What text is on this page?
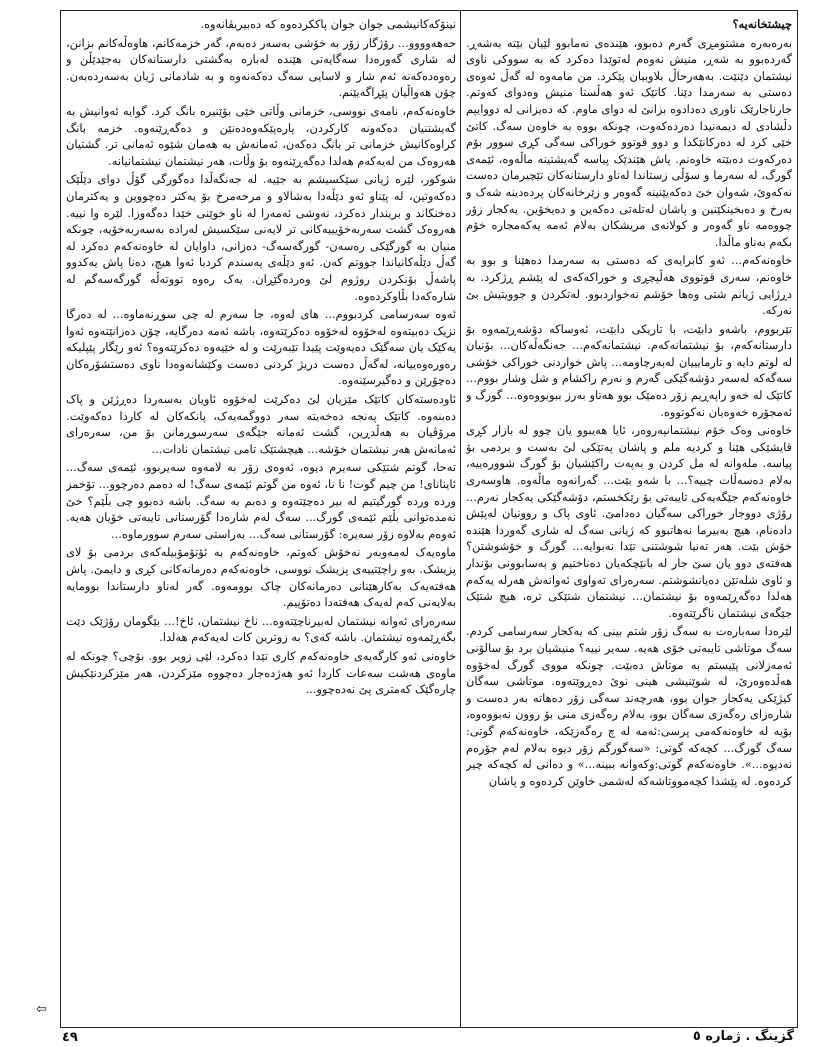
چیشتخانەیە؟

بەرەبەرە مشتومڕی گەرم دەبوو، هێندەی نەمابوو لێیان بێتە بەشەڕ. گەردەبوو بە شەڕ، منیش نەوەم لەتوێدا دەکرد کە بە سووکی ناوی نیشتمان دێنێت. بەهەرحاڵ بلاوبیان پێکرد. من مامەوە لە گەڵ ئەوەی دەستی بە سەرمدا دێنا. کاتێک ئەو هەڵستا منیش وەدوای کەوتم. جارناجارێک ناوری دەدادوە بزانێ لە دوای ماوم. کە دەیزانی لە دووایپم دڵشادی لە دیمەنیدا دەردەکەوت، چونکە بووە بە خاوەن سەگ. کاتێ خێی کرد لە دەرکانێکدا و دوو قوتوو خوراکی سەگی کڕی سوور بۆم دەرکەوت دەبێتە خاوەنم. پاش هێندێک پیاسە گەیشتینە ماڵەوە، ئێمەی گورگ، لە سەرما و سۆڵی زستاندا لەناو دارستانەکان تێچیرمان دەست نەکەوێ، شەوان خێ دەکەیێنینە گەوەر و زێرخانەکان پردەدینە شەک و بەرخ و دەبخینکێنین و پاشان لەتلەتی دەکەین و دەیخۆین. یەکجار زۆر چووەمە ناو گەوەر و کولانەی مریشکان بەلام ئەمە یەکەمجارە خۆم بکەم بەناو ماڵدا.

خاوەنەکەم... ئەو کابرایەی کە دەستی بە سەرمدا دەهێنا و بوو بە خاوەنم، سەری قوتووی هەڵپچڕی و خوراکەکەی لە پێشم ڕژکرد. بە دڕژایی ژیانم شتی وەها خۆشم نەخواردبوو. لەتکردن و جوویتیش بێ نەرکە.

تێربووم، باشەو دابێت، با تاریکی دابێت، ئەوساکە دۆشەڕێمەوە بۆ دارستانەکەم، بۆ نیشتمانەکەم. نیشتمانەکەم... جەنگەڵەکان... بۆنیان لە لوتم دایە و تارمایییان لەبەرچاومە... پاش خواردنی خوراکی خۆشی سەگەکە لەسەر دۆشەگێکی گەرم و نەرم راکشام و شل وشار بووم... کاتێک لە خەو راپەڕیم زۆر دەمێک بوو هەتاو بەرز ببوبووەوە... گورگ و ئەمجۆرە خەوەیان نەکوتووە.

خاوەنی وەک خۆم نیشتمانپەروەر، ئایا هەیبوو یان چوو لە بازار کڕی قایشێکی هێنا و کردیە ملم و پاشان پەتێکی لێ بەست و بردمی بۆ پیاسە. ملەوانە لە مل کردن و بەپەت راکێشیان بۆ گورگ شوورەییە، بەلام دەسەڵات چییە؟... با شەو بێت... گەرانەوە ماڵەوە. هاوسەری خاوەنەکەم جێگەیەکی تایبەتی بۆ رێکخستم، دۆشەگێکی یەکجار نەرم... رۆژی دووجار خوراکی سەگیان دەدامێ. ئاوی پاک و روونیان لەپێش دادەنام، هیچ بەبیرما نەهاتبوو کە ژیانی سەگ لە شاری گەوردا هێندە خۆش بێت. هەر تەنیا شوشتنی تێدا نەبوایە... گورگ و خۆشوشتن؟ هەفتەی دوو یان سێ جار لە بانێچکەیان دەناختیم و بەسابوونی بۆندار و ئاوی شلەتێن دەیانشوشتم. سەرەرای تەواوی ئەوانەش هەرلە یەکەم هەلدا دەگەڕێمەوە بۆ نیشتمان... نیشتمان شتێکی ترە، هیچ شتێک جێگەی نیشتمان ناگرێتەوە.

لێرەدا سەبارەت بە سەگ زۆر شتم بینی کە یەکجار سەرسامی کردم. سەگ موتاشی تایبەتی خۆی هەیە. سەیر نییە؟ منیشیان برد بۆ سالۆنی ئەمەزلانی پێیستم بە موتاش دەبێت. چونکە مووی گورگ لەخۆوە هەڵدەوەرێ، لە شوێنیشی هینی نوێ دەڕوێتەوە. موتاشی سەگان کیژێکی یەکجار جوان بوو، هەرچەند سەگی زۆر دەهاتە بەر دەست و شارەزای رەگەزی سەگان بوو، بەلام رەگەزی منی بۆ روون نەبووەوە، بۆیە لە خاوەنەکەمی پرسی:ئەمە لە چ رەگەزێکە، خاوەنەکەم گوتی: سەگ گورگ... کچەکە گوتی: «سەگورگم زۆر دیوە بەلام لەم جۆرەم نەدیوە...». خاوەنەکەم گوتی:وکەوانە ببینە...» و دەانی لە کچەکە چیر کردەوە. لە پێشدا کچەمووتاشەکە لەشمی خاوێن کردەوە و پاشان

نینۆکەکانیشمی جوان جوان پاککردەوە کە دەبیریڤانەوە.

حەهەوووو... رۆژگار زۆر بە خۆشی بەسەر دەبەم، گەر خزمەکانم، هاوەڵەکانم بزانن، لە شاری گەورەدا سەگایەتی هێندە لەبارە بەگشتی دارستانەکان بەجێدێڵن و رەوەدەکەنە ئەم شار و لاسایی سەگ دەکەنەوە و بە شادمانی ژیان بەسەردەبەن. چۆن هەواڵیان پێڕاگەیێنم.

خاوەنەکەم، نامەی نووسی، خزمانی وڵاتی خێی بۆێنیرە بانگ کرد. گوایە ئەوانیش بە گەیشتنیان دەکەونە کارکردن، پارەپێکەوەدەنێن و دەگەڕێنەوە. خزمە بانگ کراوەکانیش خزمانی تر بانگ دەکەن، ئەمانەش بە هەمان شێوە ئەمانی تر. گشتیان هەروەک من لەیەکەم هەلدا دەگەڕێنەوە بۆ وڵات، هەر نیشتمان نیشتمانیانە.

شوکور، لێرە ژیانی سێکسیشم بە جێیە. لە جەنگەڵدا دەگورگی گۆڵ دوای دێڵێک دەکەوتین، لە پێناو ئەو دێڵەدا بەشالاو و مرخەمرخ بۆ یەکتر دەچووین و یەکترمان دەخنکاند و بریندار دەکرد، نەوشی ئەمەرا لە ناو خوێنی خێدا دەگەوزا. لێرە وا نییە. هەروەک گشت سەربەخۆیییەکانی تر لایەنی سێکسیش لەرادە بەسەربەخۆیە، چونکە منیان بە گورگێکی رەسەن- گورگەسەگ- دەزانی، داوایان لە خاوەنەکەم دەکرد لە گەڵ دێڵەکانیاندا جووتم کەن. ئەو دێڵەی پەسندم کردبا ئەوا هیچ، دەنا پاش یەکدوو پاشەڵ بۆنکردن روژوم لێ وەردەگێڕان. یەک رەوە تووتەڵە گورگەسەگم لە شارەکەدا بڵاوکردەوە.

ئەوە سەرسامی کردبووم... های لەوە، جا سەرم لە چی سوڕنەماوە... لە دەرگا نزیک دەبیتەوە لەخۆوە لەخۆوە دەکرێتەوە، باشە ئەمە دەرگایە، چۆن دەزانێتەوە ئەوا یەکێک یان سەگێک دەیەوێت پێیدا تێبەرێت و لە خێیەوە دەکرێتەوە؟ ئەو رێگار پێپلیکە رەورەوەییانە، لەگەڵ دەست دریژ کردنی دەست وکێشانەوەدا ناوی دەستشۆرەکان دەچۆرێن و دەگیرسێنەوە.

ئاودەستەکان کاتێک مێزیان لێ دەکرێت لەخۆوە ئاویان بەسەردا دەڕژێن و پاک دەبنەوە. کاتێک پەنجە دەخەیتە سەر دووگمەیەک، پانکەکان لە کاردا دەکەوێت. مرۆڤیان بە هەڵدڕین، گشت ئەمانە جێگەی سەرسوڕمانن بۆ من، سەرەرای ئەمانەش هەر نیشتمان خۆشە... هیچشتێک تامی نیشتمان نادات...

تەحا، گوتم شتێکی سەیرم دیوە، ئەوەی زۆر بە لامەوە سەیربوو، ئێمەی سەگ... ئاینانای! من چیم گوت! نا نا، ئەوە من گوتم ئێمەی سەگ! لە دەمم دەرچوو... تۆخمز ورده وردە گورگیتیم لە بیر دەچێتەوە و دەبم بە سەگ. باشە دەبوو چی بڵێم؟ خێ نەمدەتوانی بڵێم ئێمەی گورگ... سەگ لەم شارەدا گۆرستانی تایبەتی خۆیان هەیە. ئەوەم بەلاوە زۆر سەیرە: گۆرستانی سەگ... بەراستی سەرم سوورماوە...

ماوەیەک لەمەوبەر نەخۆش کەوتم، خاوەنەکەم بە ئۆتۆمۆبیلەکەی بردمی بۆ لای پزیشک. بەو راچێتییەی پزیشک نووسی، خاوەنەکەم دەرمانەکانی کڕی و دایمێ. پاش هەفتەیەک بەکارهێنانی دەرمانەکان چاک بوومەوە. گەر لەناو دارستاندا بوومایە بەلایەنی کەم لەیەک هەفتەدا دەتۆپیم.

سەرەرای ئەوانە نیشتمان لەبیرناچێتەوە... ناخ نیشتمان، ئاخ!... بێگومان رۆژێک دێت بگەڕێمەوە نیشتمان. باشە کەی؟ بە زوترین کات لەیەکەم هەلدا.

خاوەنی ئەو کارگەیەی خاوەنەکەم کاری تێدا دەکرد، لێی زویر بوو. بۆچی؟ چونکە لە ماوەی هەشت سەعات کاردا ئەو هەژدەجار دەچووە مێزکردن، هەر مێزکردنێکیش چارەگێک کەمتری پێ نەدەچوو...

⇦
٤٩	گزینگ . ژمارە ٥
